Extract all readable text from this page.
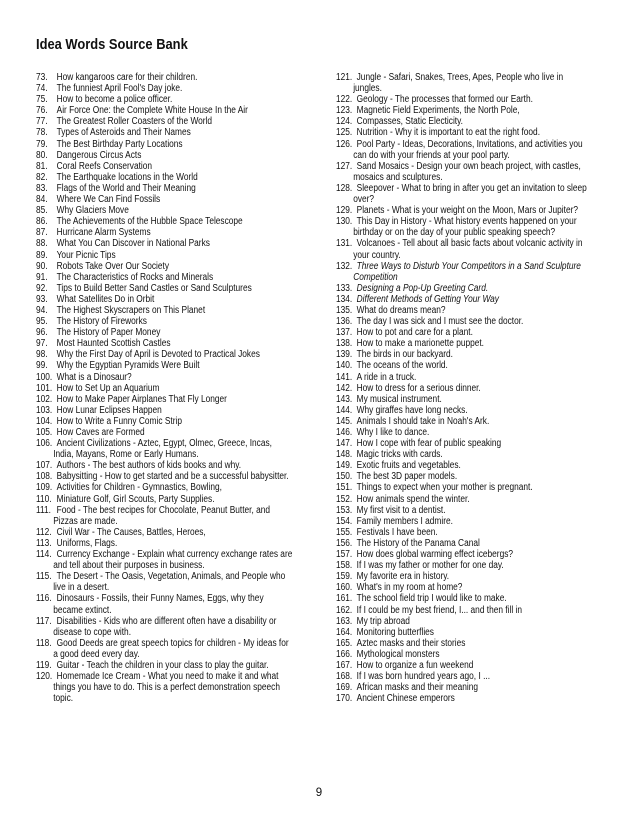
Idea Words Source Bank
73. How kangaroos care for their children.
74. The funniest April Fool's Day joke.
75. How to become a police officer.
76. Air Force One: the Complete White House In the Air
77. The Greatest Roller Coasters of the World
78. Types of Asteroids and Their Names
79. The Best Birthday Party Locations
80. Dangerous Circus Acts
81. Coral Reefs Conservation
82. The Earthquake locations in the World
83. Flags of the World and Their Meaning
84. Where We Can Find Fossils
85. Why Glaciers Move
86. The Achievements of the Hubble Space Telescope
87. Hurricane Alarm Systems
88. What You Can Discover in National Parks
89. Your Picnic Tips
90. Robots Take Over Our Society
91. The Characteristics of Rocks and Minerals
92. Tips to Build Better Sand Castles or Sand Sculptures
93. What Satellites Do in Orbit
94. The Highest Skyscrapers on This Planet
95. The History of Fireworks
96. The History of Paper Money
97. Most Haunted Scottish Castles
98. Why the First Day of April is Devoted to Practical Jokes
99. Why the Egyptian Pyramids Were Built
100. What is a Dinosaur?
101. How to Set Up an Aquarium
102. How to Make Paper Airplanes That Fly Longer
103. How Lunar Eclipses Happen
104. How to Write a Funny Comic Strip
105. How Caves are Formed
106. Ancient Civilizations - Aztec, Egypt, Olmec, Greece, Incas,
India, Mayans, Rome or Early Humans.
107. Authors - The best authors of kids books and why.
108. Babysitting - How to get started and be a successful babysitter.
109. Activities for Children - Gymnastics, Bowling,
110. Miniature Golf, Girl Scouts, Party Supplies.
111. Food - The best recipes for Chocolate, Peanut Butter, and
Pizzas are made.
112. Civil War - The Causes, Battles, Heroes,
113. Uniforms, Flags.
114. Currency Exchange - Explain what currency exchange rates are
and tell about their purposes in business.
115. The Desert - The Oasis, Vegetation, Animals, and People who
live in a desert.
116. Dinosaurs - Fossils, their Funny Names, Eggs, why they
became extinct.
117. Disabilities - Kids who are different often have a disability or
disease to cope with.
118. Good Deeds are great speech topics for children - My ideas for
a good deed every day.
119. Guitar - Teach the children in your class to play the guitar.
120. Homemade Ice Cream - What you need to make it and what
things you have to do. This is a perfect demonstration speech
topic.
121. Jungle - Safari, Snakes, Trees, Apes, People who live in
jungles.
122. Geology - The processes that formed our Earth.
123. Magnetic Field Experiments, the North Pole,
124. Compasses, Static Electicity.
125. Nutrition - Why it is important to eat the right food.
126. Pool Party - Ideas, Decorations, Invitations, and activities you
can do with your friends at your pool party.
127. Sand Mosaics - Design your own beach project, with castles,
mosaics and sculptures.
128. Sleepover - What to bring in after you get an invitation to sleep
over?
129. Planets - What is your weight on the Moon, Mars or Jupiter?
130. This Day in History - What history events happened on your
birthday or on the day of your public speaking speech?
131. Volcanoes - Tell about all basic facts about volcanic activity in
your country.
132. Three Ways to Disturb Your Competitors in a Sand Sculpture
Competition
133. Designing a Pop-Up Greeting Card.
134. Different Methods of Getting Your Way
135. What do dreams mean?
136. The day I was sick and I must see the doctor.
137. How to pot and care for a plant.
138. How to make a marionette puppet.
139. The birds in our backyard.
140. The oceans of the world.
141. A ride in a truck.
142. How to dress for a serious dinner.
143. My musical instrument.
144. Why giraffes have long necks.
145. Animals I should take in Noah's Ark.
146. Why I like to dance.
147. How I cope with fear of public speaking
148. Magic tricks with cards.
149. Exotic fruits and vegetables.
150. The best 3D paper models.
151. Things to expect when your mother is pregnant.
152. How animals spend the winter.
153. My first visit to a dentist.
154. Family members I admire.
155. Festivals I have been.
156. The History of the Panama Canal
157. How does global warming effect icebergs?
158. If I was my father or mother for one day.
159. My favorite era in history.
160. What's in my room at home?
161. The school field trip I would like to make.
162. If I could be my best friend, I... and then fill in
163. My trip abroad
164. Monitoring butterflies
165. Aztec masks and their stories
166. Mythological monsters
167. How to organize a fun weekend
168. If I was born hundred years ago, I ...
169. African masks and their meaning
170. Ancient Chinese emperors
9
